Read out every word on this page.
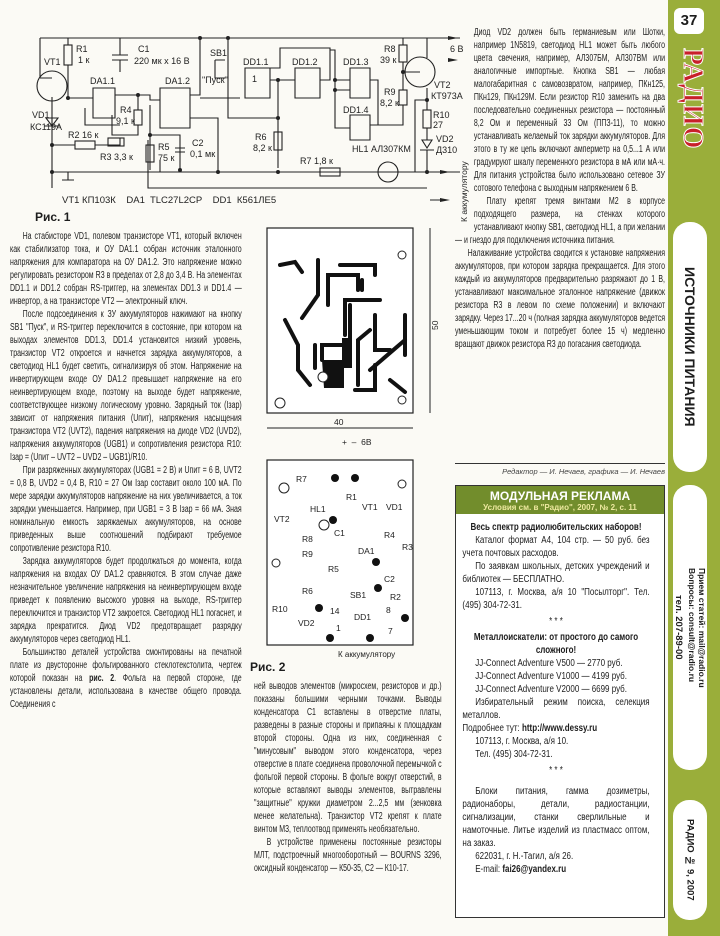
R1
1 к
VT1
C1
220 мк x 16 В
SB1
"Пуск"
DA1.1	DA1.2
DD1.1	DD1.2	DD1.3
DD1.4
R8
39 к
R9
8,2 к
VT2
КТ973А
R10
27
VD2
Д310
VD1
КС119А
R4
9,1 к
R2 16 к
R3 3,3 к
R5
75 к
C2
0,1 мк
R6
8,2 к
R7 1,8 к
HL1 АЛ307КМ
6 В
1
К аккумулятору
VT1 КП103К    DA1  TLC27L2CP    DD1  К561ЛЕ5
Рис. 1
50
40
+  –  6В
R7
R1
VT1 VD1
HL1
VT2
C1	R4
DA1
R8
R9
R3
R5
C2
R6	SB1	R2
R10
VD2
14
DD1
8
1	7
К аккумулятору
Рис. 2

На стабисторе VD1, полевом транзисторе VT1, который включен как стабилизатор тока, и ОУ DA1.1 собран источник эталонного напряжения для компаратора на ОУ DA1.2. Это напряжение можно регулировать резистором R3 в пределах от 2,8 до 3,4 В. На элементах DD1.1 и DD1.2 собран RS-триггер, на элементах DD1.3 и DD1.4 — инвертор, а на транзисторе VT2 — электронный ключ.

После подсоединения к ЗУ аккумуляторов нажимают на кнопку SB1 "Пуск", и RS-триггер переключится в состояние, при котором на выходах элементов DD1.3, DD1.4 установится низкий уровень, транзистор VT2 откроется и начнется зарядка аккумуляторов, а светодиод HL1 будет светить, сигнализируя об этом. Напряжение на инвертирующем входе ОУ DA1.2 превышает напряжение на его неинвертирующем входе, поэтому на выходе будет напряжение, соответствующее низкому логическому уровню. Зарядный ток (Iзар) зависит от напряжения питания (Uпит), напряжения насыщения транзистора VT2 (UVT2), падения напряжения на диоде VD2 (UVD2), напряжения аккумуляторов (UGB1) и сопротивления резистора R10: Iзар = (Uпит – UVT2 – UVD2 – UGB1)/R10.

При разряженных аккумуляторах (UGB1 = 2 В) и Uпит = 6 В, UVT2 = 0,8 В, UVD2 = 0,4 В, R10 = 27 Ом Iзар составит около 100 мА. По мере зарядки аккумуляторов напряжение на них увеличивается, а ток зарядки уменьшается. Например, при UGB1 = 3 В Iзар = 66 мА. Зная номинальную емкость заряжаемых аккумуляторов, на основе приведенных выше соотношений подбирают требуемое сопротивление резистора R10.

Зарядка аккумуляторов будет продолжаться до момента, когда напряжения на входах ОУ DA1.2 сравняются. В этом случае даже незначительное увеличение напряжения на неинвертирующем входе приведет к появлению высокого уровня на выходе, RS-триггер переключится и транзистор VT2 закроется. Светодиод HL1 погаснет, и зарядка прекратится. Диод VD2 предотвращает разрядку аккумуляторов через светодиод HL1.

Большинство деталей устройства смонтированы на печатной плате из двусторонне фольгированного стеклотекстолита, чертеж которой показан на рис. 2. Фольга на первой стороне, где установлены детали, использована в качестве общего провода. Соединения с

ней выводов элементов (микросхем, резисторов и др.) показаны большими черными точками. Выводы конденсатора C1 вставлены в отверстие платы, разведены в разные стороны и припаяны к площадкам второй стороны. Одна из них, соединенная с "минусовым" выводом этого конденсатора, через отверстие в плате соединена проволочной перемычкой с фольгой первой стороны. В фольге вокруг отверстий, в которые вставляют выводы элементов, вытравлены "защитные" кружки диаметром 2...2,5 мм (зенковка менее желательна). Транзистор VT2 крепят к плате винтом М3, теплоотвод применять необязательно.

В устройстве применены постоянные резисторы МЛТ, подстроечный многооборотный — BOURNS 3296, оксидный конденсатор — К50-35, C2 — К10-17.

Диод VD2 должен быть германиевым или Шотки, например 1N5819, светодиод HL1 может быть любого цвета свечения, например, АЛ307БМ, АЛ307ВМ или аналогичные импортные. Кнопка SB1 — любая малогабаритная с самовозвратом, например, ПКн125, ПКн129, ПКн129М. Если резистор R10 заменить на два последовательно соединенных резистора — постоянный 8,2 Ом и переменный 33 Ом (ППЗ-11), то можно устанавливать желаемый ток зарядки аккумуляторов. Для этого в ту же цепь включают амперметр на 0,5...1 А или градуируют шкалу переменного резистора в мА или мА·ч. Для питания устройства было использовано сетевое ЗУ сотового телефона с выходным напряжением 6 В.

Плату крепят тремя винтами М2 в корпусе подходящего размера, на стенках которого устанавливают кнопку SB1, светодиод HL1, а при желании — и гнездо для подключения источника питания.

Налаживание устройства сводится к установке напряжения аккумуляторов, при котором зарядка прекращается. Для этого каждый из аккумуляторов предварительно разряжают до 1 В, устанавливают максимальное эталонное напряжение (движок резистора R3 в левом по схеме положении) и включают зарядку. Через 17...20 ч (полная зарядка аккумуляторов ведется уменьшающим током и потребует более 15 ч) медленно вращают движок резистора R3 до погасания светодиода.

Редактор — И. Нечаев, графика — И. Нечаев
МОДУЛЬНАЯ РЕКЛАМА
Условия см. в "Радио", 2007, № 2, с. 11
Весь спектр радиолюбительских наборов!
Каталог формат А4, 104 стр. — 50 руб. без учета почтовых расходов.
По заявкам школьных, детских учреждений и библиотек — БЕСПЛАТНО.
107113, г. Москва, а/я 10 "Посылторг". Тел. (495) 304-72-31.
* * *
Металлоискатели: от простого до самого сложного!
JJ-Connect Adventure V500 — 2770 руб.
JJ-Connect Adventure V1000 — 4199 руб.
JJ-Connect Adventure V2000 — 6699 руб.
Избирательный режим поиска, селекция металлов.
Подробнее тут: http://www.dessy.ru
107113, г. Москва, а/я 10.
Тел. (495) 304-72-31.
* * *
Блоки питания, гамма дозиметры, радионаборы, детали, радиостанции, сигнализации, станки сверлильные и намоточные. Литье изделий из пластмасс оптом, на заказ.
622031, г. Н.-Тагил, а/я 26.
E-mail: fai26@yandex.ru
37
РАДИО
ИСТОЧНИКИ ПИТАНИЯ
тел. 207-89-00 Прием статей: mail@radio.ru
Вопросы: consult@radio.ru
РАДИО № 9, 2007
